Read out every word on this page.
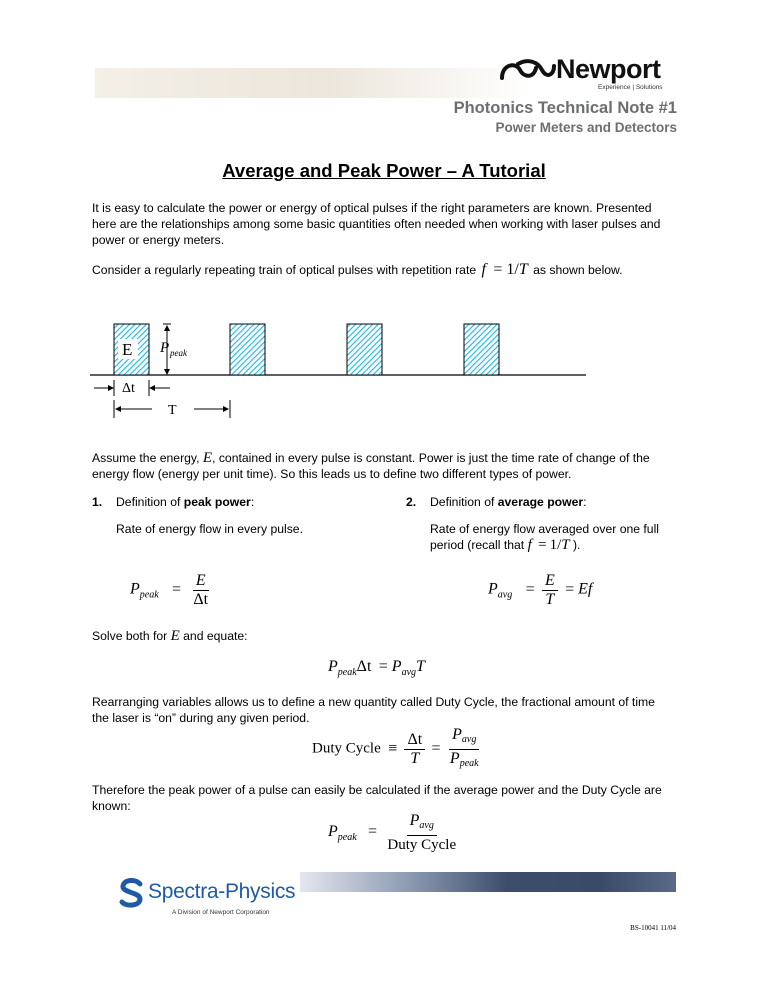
Newport
Experience | Solutions
Photonics Technical Note #1
Power Meters and Detectors
Average and Peak Power – A Tutorial
It is easy to calculate the power or energy of optical pulses if the right parameters are known. Presented
here are the relationships among some basic quantities often needed when working with laser pulses and
power or energy meters.
Consider a regularly repeating train of optical pulses with repetition rate f = 1/T as shown below.
E P peak
Δt
T
Assume the energy, E, contained in every pulse is constant. Power is just the time rate of change of the
energy flow (energy per unit time). So this leads us to define two different types of power.
1. Definition of peak power:
Rate of energy flow in every pulse.
2. Definition of average power:
Rate of energy flow averaged over one full
period (recall that f = 1/T ).
$P_{peak} = \frac{E}{\Delta t}$	$P_{avg} = \frac{E}{T} = Ef$
Solve both for E and equate:
$P_{peak}\Delta t = P_{avg}T$
Rearranging variables allows us to define a new quantity called Duty Cycle, the fractional amount of time
the laser is “on” during any given period.
Duty Cycle ≡ $\frac{\Delta t}{T} = \frac{P_{avg}}{P_{peak}}$
Therefore the peak power of a pulse can easily be calculated if the average power and the Duty Cycle are
known:
$P_{peak} = \frac{P_{avg}}{\text{Duty Cycle}}$
Spectra-Physics
A Division of Newport Corporation
BS-10041 11/04
